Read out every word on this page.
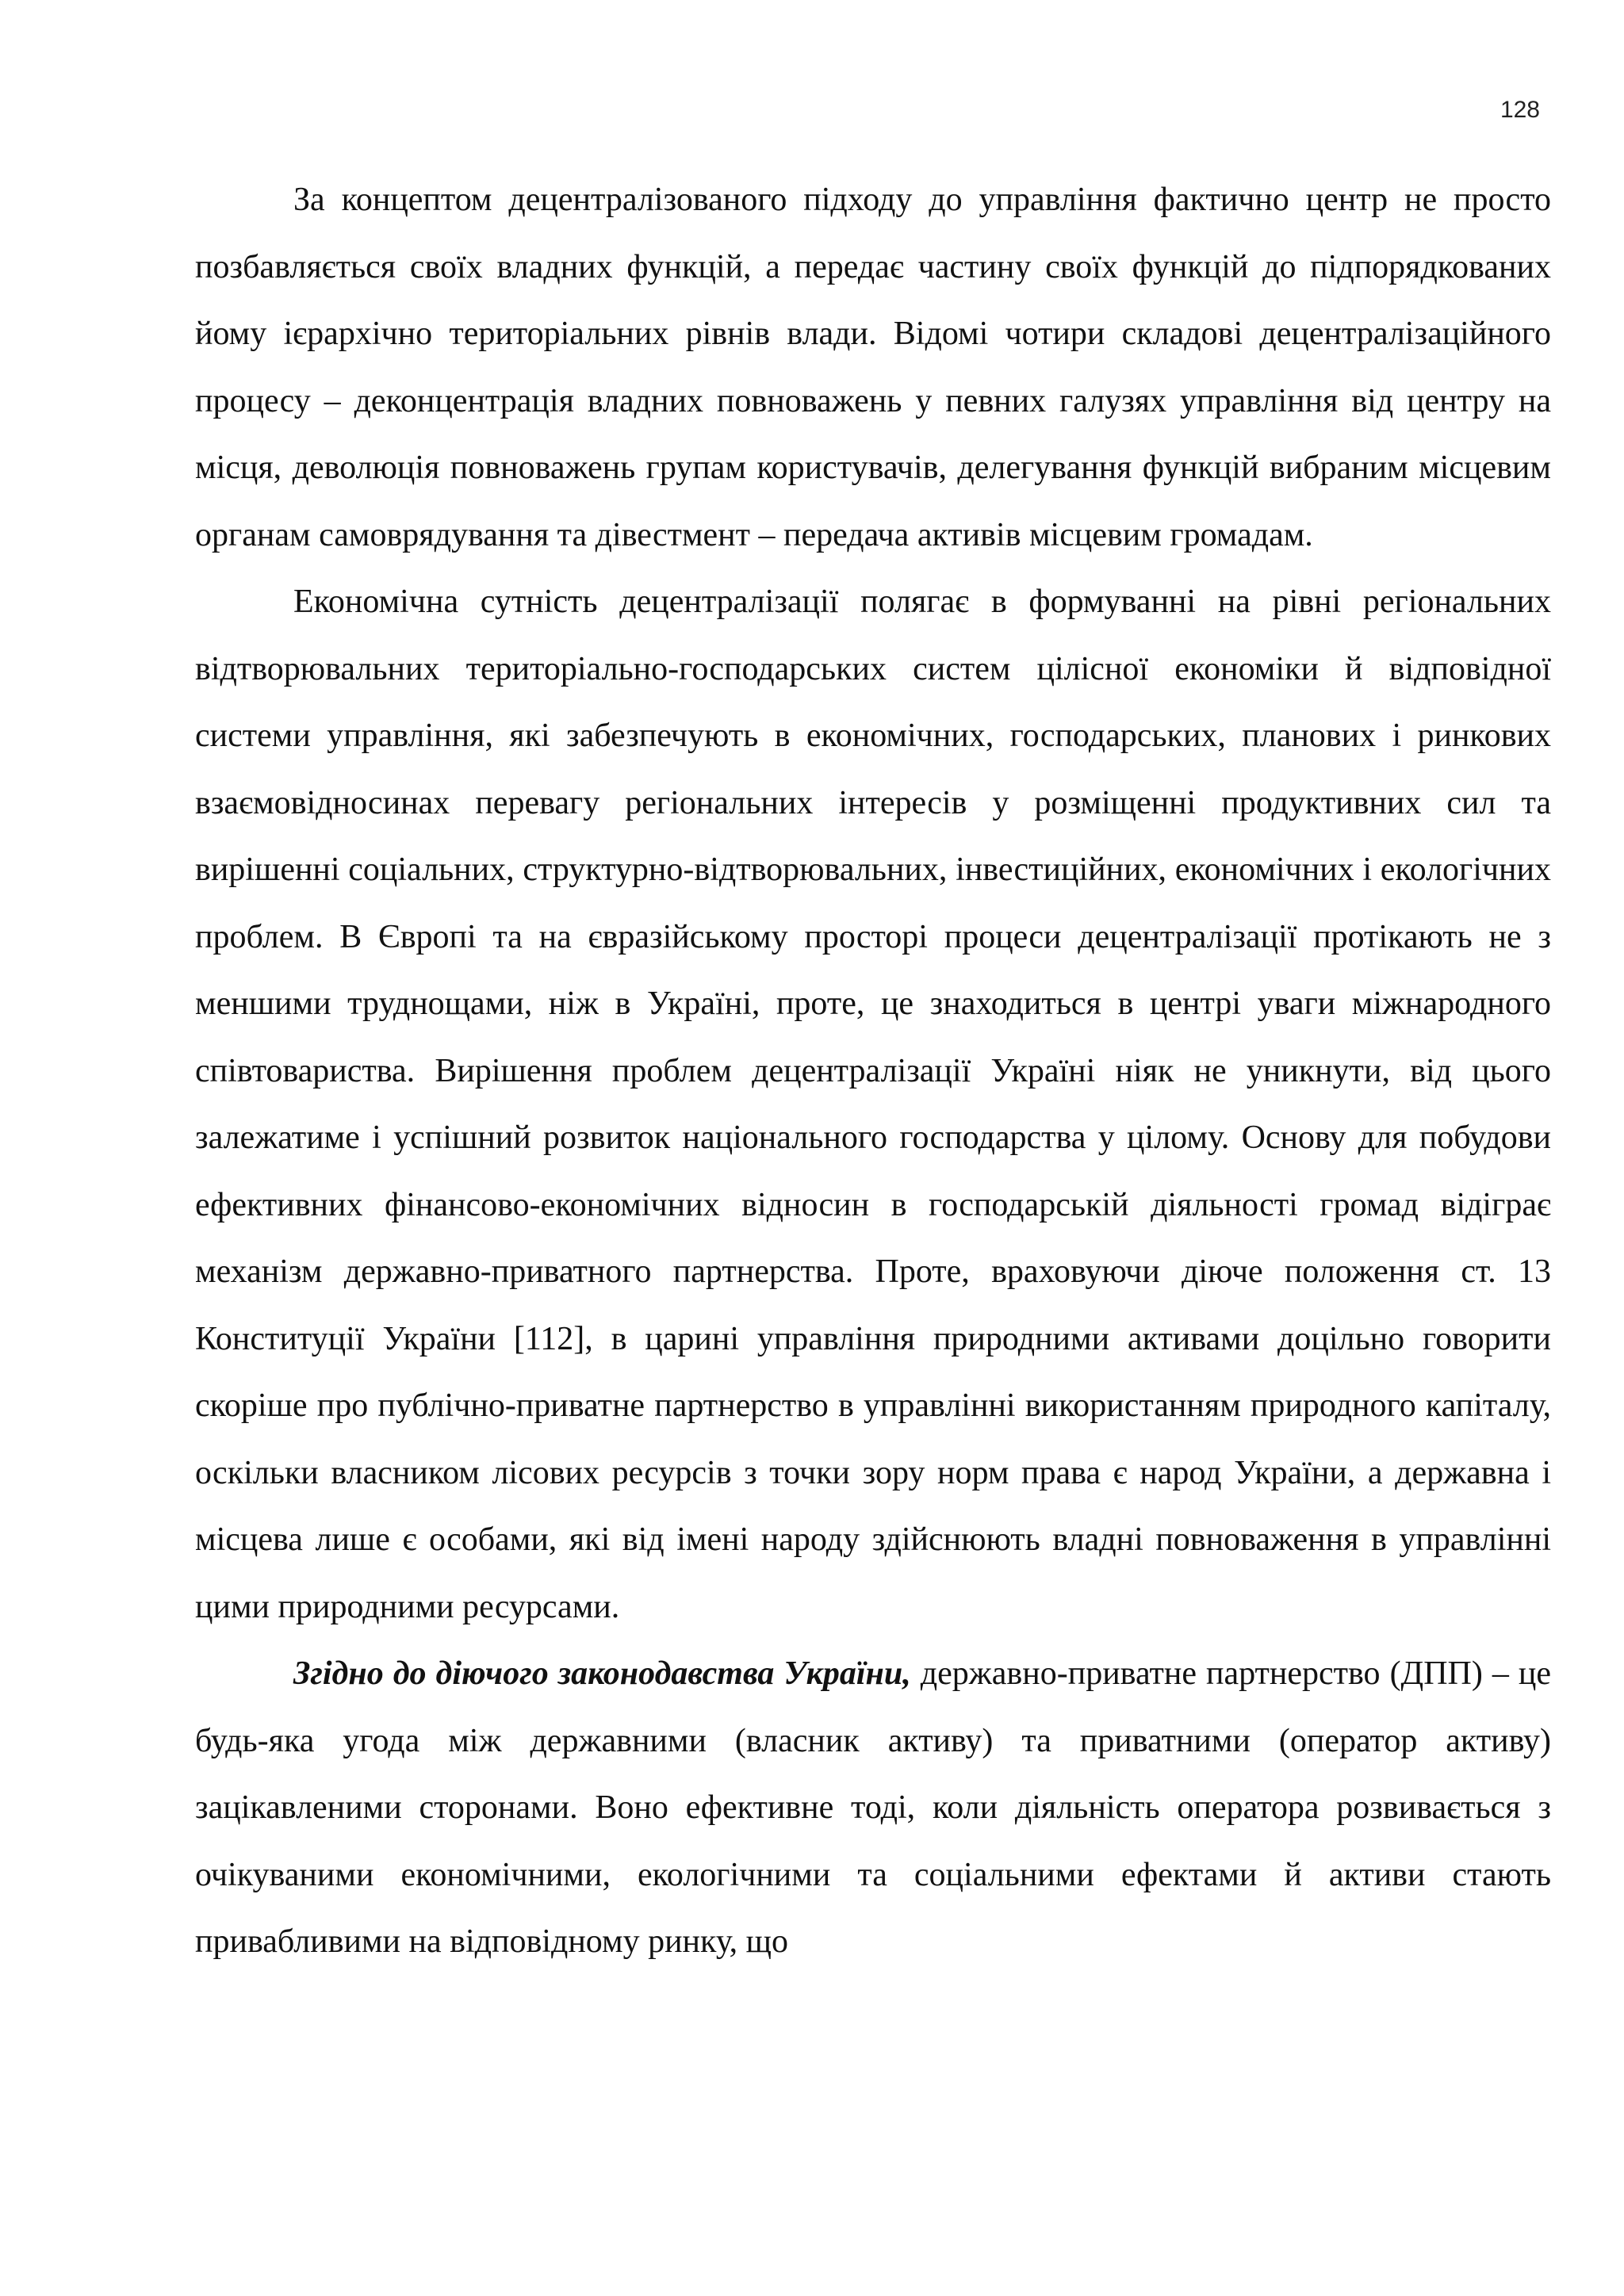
128

За концептом децентралізованого підходу до управління фактично центр не просто позбавляється своїх владних функцій, а передає частину своїх функцій до підпорядкованих йому ієрархічно територіальних рівнів влади. Відомі чотири складові децентралізаційного процесу – деконцентрація владних повноважень у певних галузях управління від центру на місця, деволюція повноважень групам користувачів, делегування функцій вибраним місцевим органам самоврядування та дівестмент – передача активів місцевим громадам.

Економічна сутність децентралізації полягає в формуванні на рівні регіональних відтворювальних територіально-господарських систем цілісної економіки й відповідної системи управління, які забезпечують в економічних, господарських, планових і ринкових взаємовідносинах перевагу регіональних інтересів у розміщенні продуктивних сил та вирішенні соціальних, структурно-відтворювальних, інвестиційних, економічних і екологічних проблем. В Європі та на євразійському просторі процеси децентралізації протікають не з меншими труднощами, ніж в Україні, проте, це знаходиться в центрі уваги міжнародного співтовариства. Вирішення проблем децентралізації Україні ніяк не уникнути, від цього залежатиме і успішний розвиток національного господарства у цілому. Основу для побудови ефективних фінансово-економічних відносин в господарській діяльності громад відіграє механізм державно-приватного партнерства. Проте, враховуючи діюче положення ст. 13 Конституції України [112], в царині управління природними активами доцільно говорити скоріше про публічно-приватне партнерство в управлінні використанням природного капіталу, оскільки власником лісових ресурсів з точки зору норм права є народ України, а державна і місцева лише є особами, які від імені народу здійснюють владні повноваження в управлінні цими природними ресурсами.

Згідно до діючого законодавства України, державно-приватне партнерство (ДПП) – це будь-яка угода між державними (власник активу) та приватними (оператор активу) зацікавленими сторонами. Воно ефективне тоді, коли діяльність оператора розвивається з очікуваними економічними, екологічними та соціальними ефектами й активи стають привабливими на відповідному ринку, що
